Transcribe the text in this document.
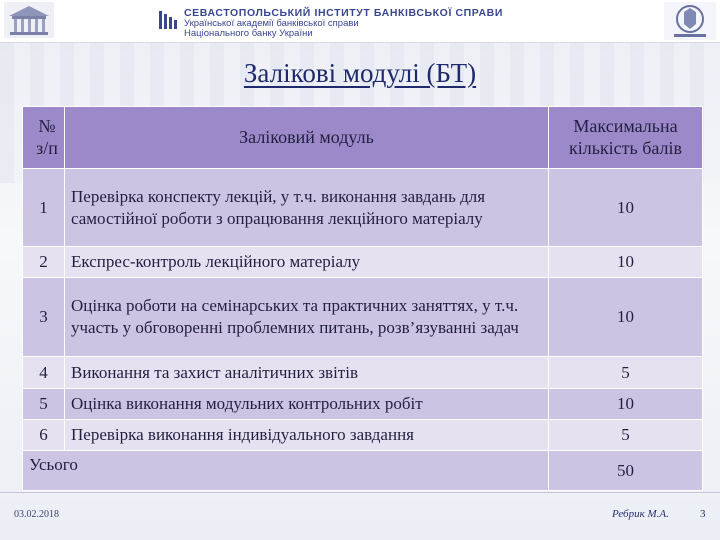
СЕВАСТОПОЛЬСЬКИЙ ІНСТИТУТ БАНКІВСЬКОЇ СПРАВИ
Української академії банківської справи
Національного банку України
Залікові модулі (БТ)
№ з/п	Заліковий модуль	Максимальна кількість балів
1	Перевірка конспекту лекцій, у т.ч. виконання завдань для самостійної роботи з опрацювання лекційного матеріалу	10
2	Експрес-контроль лекційного матеріалу	10
3	Оцінка роботи на семінарських та практичних заняттях, у т.ч. участь у обговоренні проблемних питань, розв’язуванні задач	10
4	Виконання та захист аналітичних звітів	5
5	Оцінка виконання модульних контрольних робіт	10
6	Перевірка виконання індивідуального завдання	5
Усього		50
03.02.2018	Ребрик М.А.	3
